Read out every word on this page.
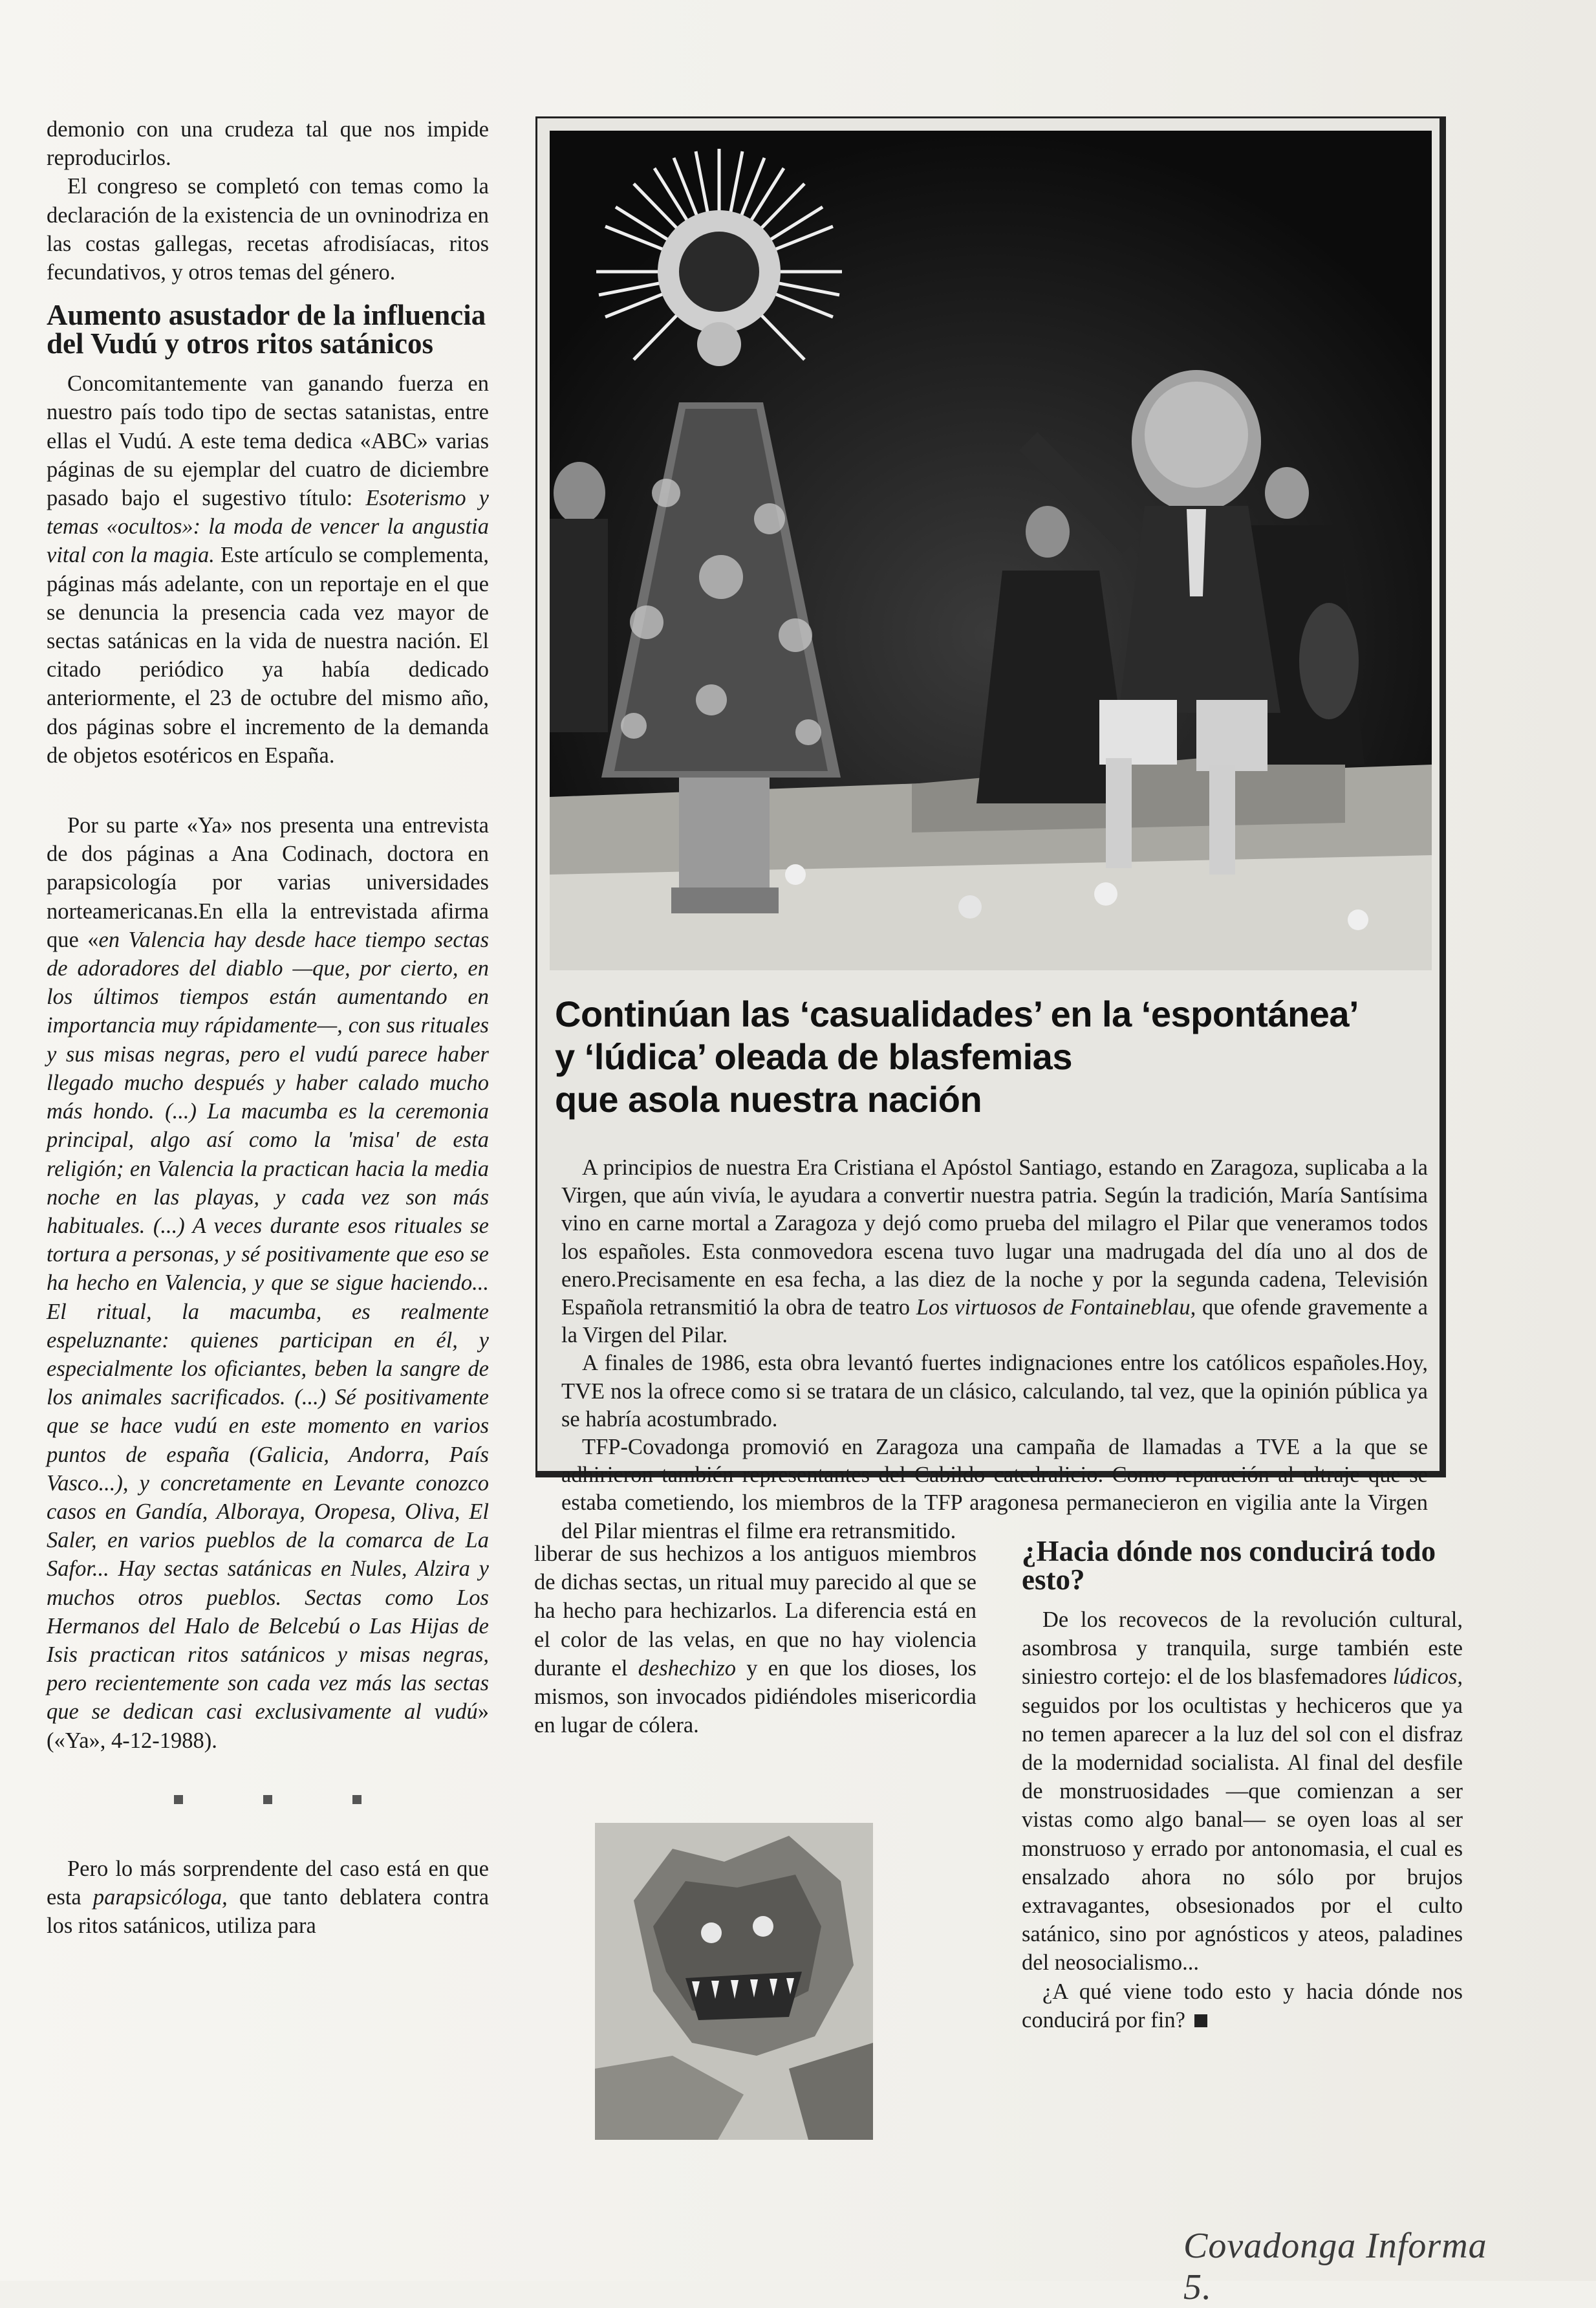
demonio con una crudeza tal que nos impide reproducirlos.

El congreso se completó con temas como la declaración de la existencia de un ovninodriza en las costas gallegas, recetas afrodisíacas, ritos fecundativos, y otros temas del género.

Aumento asustador de la influencia del Vudú y otros ritos satánicos

Concomitantemente van ganando fuerza en nuestro país todo tipo de sectas satanistas, entre ellas el Vudú. A este tema dedica «ABC» varias páginas de su ejemplar del cuatro de diciembre pasado bajo el sugestivo título: Esoterismo y temas «ocultos»: la moda de vencer la angustia vital con la magia. Este artículo se complementa, páginas más adelante, con un reportaje en el que se denuncia la presencia cada vez mayor de sectas satánicas en la vida de nuestra nación. El citado periódico ya había dedicado anteriormente, el 23 de octubre del mismo año, dos páginas sobre el incremento de la demanda de objetos esotéricos en España.

Por su parte «Ya» nos presenta una entrevista de dos páginas a Ana Codinach, doctora en parapsicología por varias universidades norteamericanas.En ella la entrevistada afirma que «en Valencia hay desde hace tiempo sectas de adoradores del diablo —que, por cierto, en los últimos tiempos están aumentando en importancia muy rápidamente—, con sus rituales y sus misas negras, pero el vudú parece haber llegado mucho después y haber calado mucho más hondo. (...) La macumba es la ceremonia principal, algo así como la 'misa' de esta religión; en Valencia la practican hacia la media noche en las playas, y cada vez son más habituales. (...) A veces durante esos rituales se tortura a personas, y sé positivamente que eso se ha hecho en Valencia, y que se sigue haciendo... El ritual, la macumba, es realmente espeluznante: quienes participan en él, y especialmente los oficiantes, beben la sangre de los animales sacrificados. (...) Sé positivamente que se hace vudú en este momento en varios puntos de españa (Galicia, Andorra, País Vasco...), y concretamente en Levante conozco casos en Gandía, Alboraya, Oropesa, Oliva, El Saler, en varios pueblos de la comarca de La Safor... Hay sectas satánicas en Nules, Alzira y muchos otros pueblos. Sectas como Los Hermanos del Halo de Belcebú o Las Hijas de Isis practican ritos satánicos y misas negras, pero recientemente son cada vez más las sectas que se dedican casi exclusivamente al vudú» («Ya», 4-12-1988).

Pero lo más sorprendente del caso está en que esta parapsicóloga, que tanto deblatera contra los ritos satánicos, utiliza para

Continúan las ‘casualidades’ en la ‘espontánea’
y ‘lúdica’ oleada de blasfemias
que asola nuestra nación

A principios de nuestra Era Cristiana el Apóstol Santiago, estando en Zaragoza, suplicaba a la Virgen, que aún vivía, le ayudara a convertir nuestra patria. Según la tradición, María Santísima vino en carne mortal a Zaragoza y dejó como prueba del milagro el Pilar que veneramos todos los españoles. Esta conmovedora escena tuvo lugar una madrugada del día uno al dos de enero.Precisamente en esa fecha, a las diez de la noche y por la segunda cadena, Televisión Española retransmitió la obra de teatro Los virtuosos de Fontaineblau, que ofende gravemente a la Virgen del Pilar.

A finales de 1986, esta obra levantó fuertes indignaciones entre los católicos españoles.Hoy, TVE nos la ofrece como si se tratara de un clásico, calculando, tal vez, que la opinión pública ya se habría acostumbrado.

TFP-Covadonga promovió en Zaragoza una campaña de llamadas a TVE a la que se adhirieron también representantes del Cabildo catedralicio. Como reparación al ultraje que se estaba cometiendo, los miembros de la TFP aragonesa permanecieron en vigilia ante la Virgen del Pilar mientras el filme era retransmitido.

liberar de sus hechizos a los antiguos miembros de dichas sectas, un ritual muy parecido al que se ha hecho para hechizarlos. La diferencia está en el color de las velas, en que no hay violencia durante el deshechizo y en que los dioses, los mismos, son invocados pidiéndoles misericordia en lugar de cólera.

¿Hacia dónde nos conducirá todo esto?

De los recovecos de la revolución cultural, asombrosa y tranquila, surge también este siniestro cortejo: el de los blasfemadores lúdicos, seguidos por los ocultistas y hechiceros que ya no temen aparecer a la luz del sol con el disfraz de la modernidad socialista. Al final del desfile de monstruosidades —que comienzan a ser vistas como algo banal— se oyen loas al ser monstruoso y errado por antonomasia, el cual es ensalzado ahora no sólo por brujos extravagantes, obsesionados por el culto satánico, sino por agnósticos y ateos, paladines del neosocialismo...

¿A qué viene todo esto y hacia dónde nos conducirá por fin?

Covadonga Informa 5.
